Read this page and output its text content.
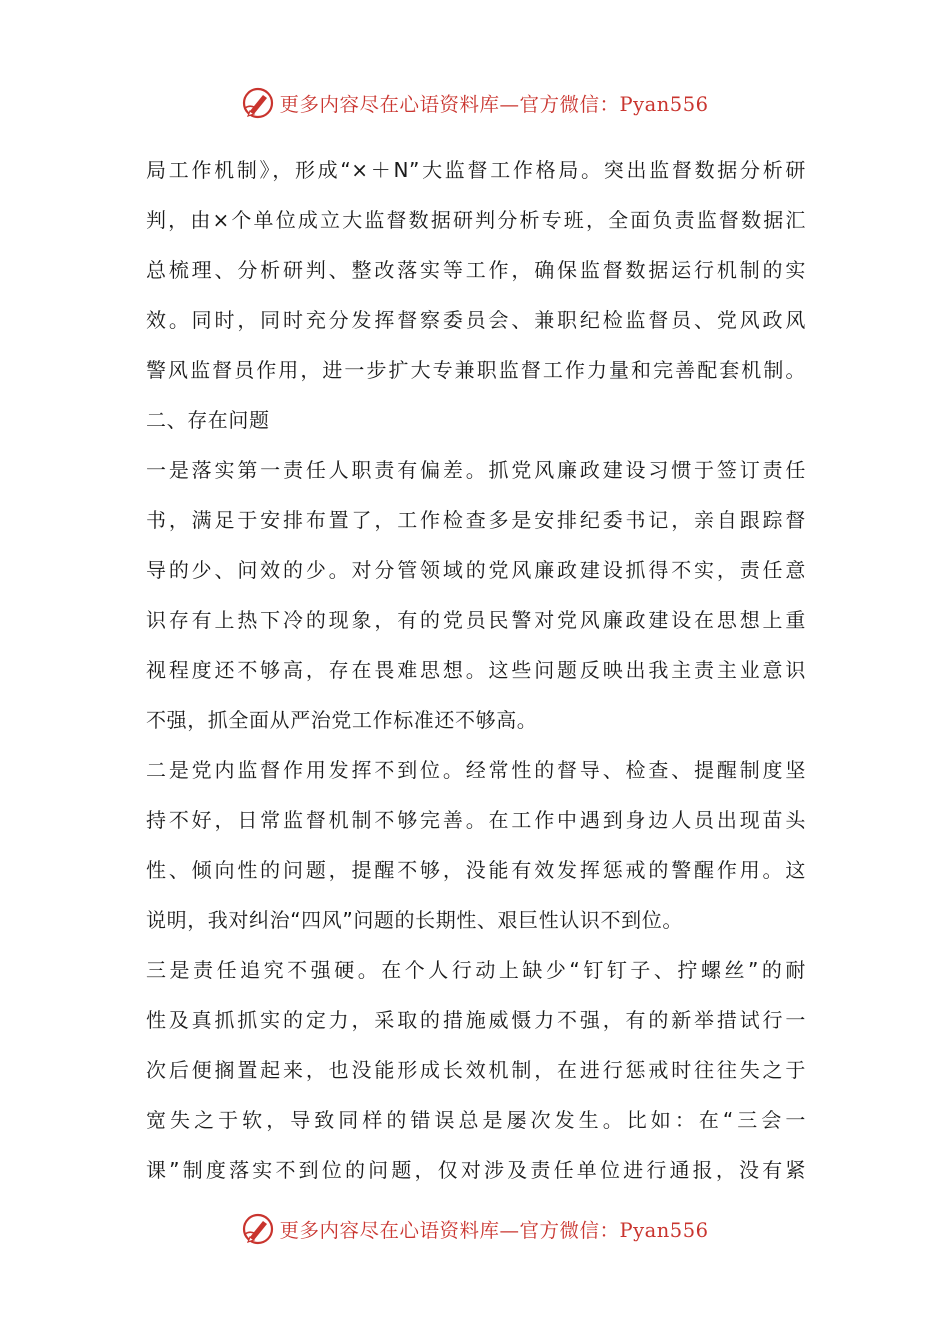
更多内容尽在心语资料库—官方微信：Pyan556
局工作机制》，形成“×＋N”大监督工作格局。突出监督数据分析研
判，由×个单位成立大监督数据研判分析专班，全面负责监督数据汇
总梳理、分析研判、整改落实等工作，确保监督数据运行机制的实
效。同时，同时充分发挥督察委员会、兼职纪检监督员、党风政风
警风监督员作用，进一步扩大专兼职监督工作力量和完善配套机制。
二、存在问题
一是落实第一责任人职责有偏差。抓党风廉政建设习惯于签订责任
书，满足于安排布置了，工作检查多是安排纪委书记，亲自跟踪督
导的少、问效的少。对分管领域的党风廉政建设抓得不实，责任意
识存有上热下冷的现象，有的党员民警对党风廉政建设在思想上重
视程度还不够高，存在畏难思想。这些问题反映出我主责主业意识
不强，抓全面从严治党工作标准还不够高。
二是党内监督作用发挥不到位。经常性的督导、检查、提醒制度坚
持不好，日常监督机制不够完善。在工作中遇到身边人员出现苗头
性、倾向性的问题，提醒不够，没能有效发挥惩戒的警醒作用。这
说明，我对纠治“四风”问题的长期性、艰巨性认识不到位。
三是责任追究不强硬。在个人行动上缺少“钉钉子、拧螺丝”的耐
性及真抓抓实的定力，采取的措施威慑力不强，有的新举措试行一
次后便搁置起来，也没能形成长效机制，在进行惩戒时往往失之于
宽失之于软，导致同样的错误总是屡次发生。比如：在“三会一
课”制度落实不到位的问题，仅对涉及责任单位进行通报，没有紧
更多内容尽在心语资料库—官方微信：Pyan556
